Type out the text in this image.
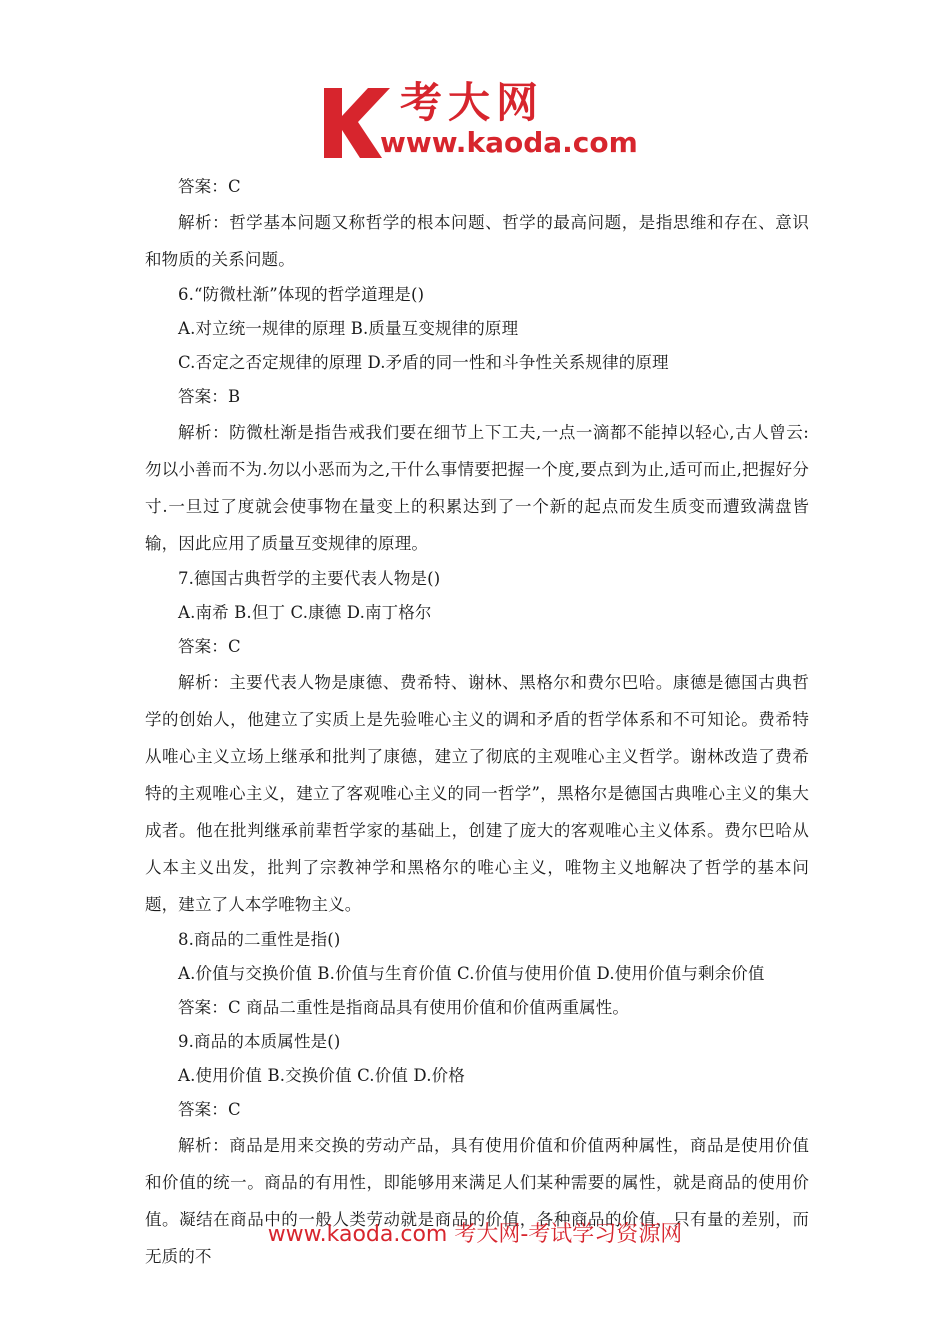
考大网
www.kaoda.com

答案：C

解析：哲学基本问题又称哲学的根本问题、哲学的最高问题，是指思维和存在、意识和物质的关系问题。

6.“防微杜渐”体现的哲学道理是()

A.对立统一规律的原理 B.质量互变规律的原理

C.否定之否定规律的原理 D.矛盾的同一性和斗争性关系规律的原理

答案：B

解析：防微杜渐是指告戒我们要在细节上下工夫,一点一滴都不能掉以轻心,古人曾云:勿以小善而不为.勿以小恶而为之,干什么事情要把握一个度,要点到为止,适可而止,把握好分寸.一旦过了度就会使事物在量变上的积累达到了一个新的起点而发生质变而遭致满盘皆输，因此应用了质量互变规律的原理。

7.德国古典哲学的主要代表人物是()

A.南希 B.但丁 C.康德 D.南丁格尔

答案：C

解析：主要代表人物是康德、费希特、谢林、黑格尔和费尔巴哈。康德是德国古典哲学的创始人，他建立了实质上是先验唯心主义的调和矛盾的哲学体系和不可知论。费希特从唯心主义立场上继承和批判了康德，建立了彻底的主观唯心主义哲学。谢林改造了费希特的主观唯心主义，建立了客观唯心主义的同一哲学”，黑格尔是德国古典唯心主义的集大成者。他在批判继承前辈哲学家的基础上，创建了庞大的客观唯心主义体系。费尔巴哈从人本主义出发，批判了宗教神学和黑格尔的唯心主义，唯物主义地解决了哲学的基本问题，建立了人本学唯物主义。

8.商品的二重性是指()

A.价值与交换价值 B.价值与生育价值 C.价值与使用价值 D.使用价值与剩余价值

答案：C 商品二重性是指商品具有使用价值和价值两重属性。

9.商品的本质属性是()

A.使用价值 B.交换价值 C.价值 D.价格

答案：C

解析：商品是用来交换的劳动产品，具有使用价值和价值两种属性，商品是使用价值和价值的统一。商品的有用性，即能够用来满足人们某种需要的属性，就是商品的使用价值。凝结在商品中的一般人类劳动就是商品的价值，各种商品的价值，只有量的差别，而无质的不

www.kaoda.com 考大网-考试学习资源网
